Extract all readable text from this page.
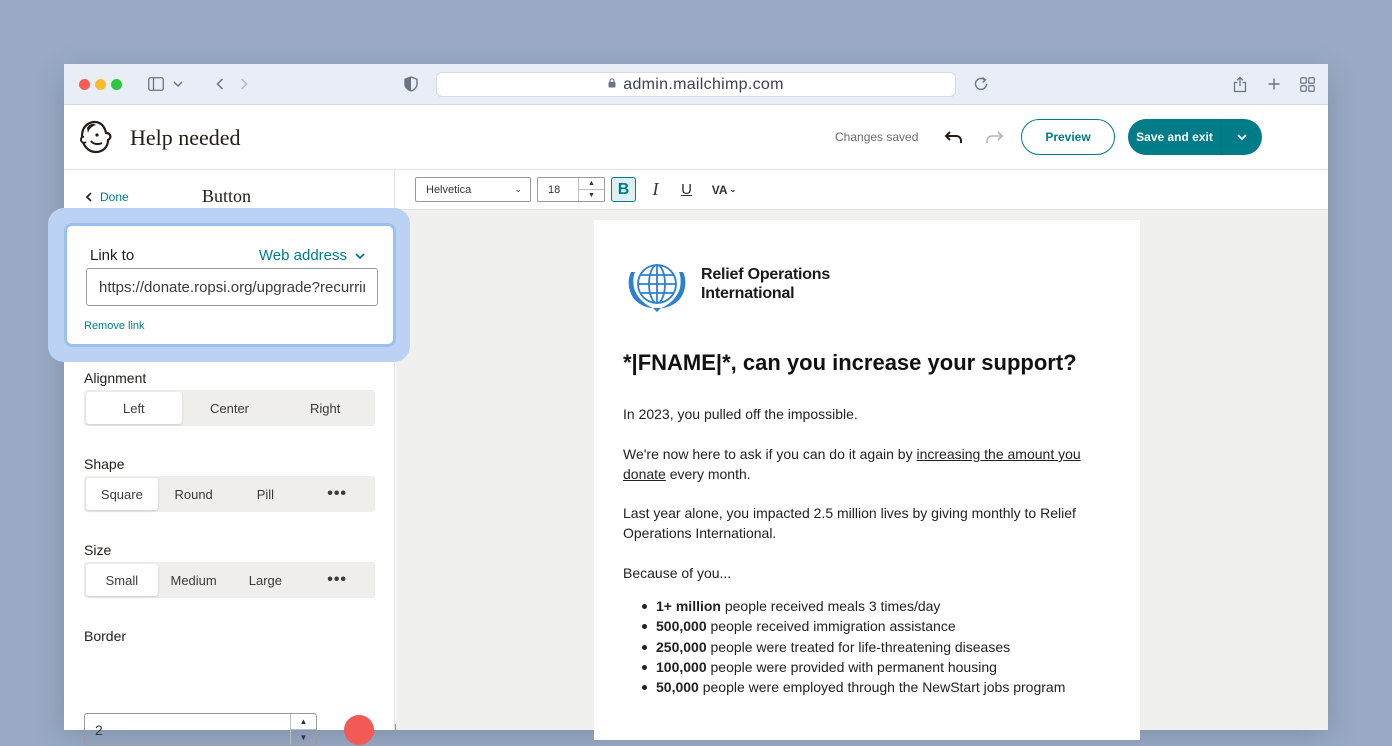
admin.mailchimp.com
Help needed	Changes saved	Preview	Save and exit
Done	Button
Alignment
Left	Center	Right
Shape
Square	Round	Pill	•••
Size
Small	Medium	Large	•••
Border
2
▲
▼
Helvetica	⌄ 18
▲
▼	B	I	U	VA ⌄
Relief Operations
International
*|FNAME|*, can you increase your support?
In 2023, you pulled off the impossible.
We're now here to ask if you can do it again by increasing the amount you donate every month.
Last year alone, you impacted 2.5 million lives by giving monthly to Relief Operations International.
Because of you...
1+ million people received meals 3 times/day
500,000 people received immigration assistance
250,000 people were treated for life-threatening diseases
100,000 people were provided with permanent housing
50,000 people were employed through the NewStart jobs program
Link to	Web address
https://donate.ropsi.org/upgrade?recurring
Remove link
